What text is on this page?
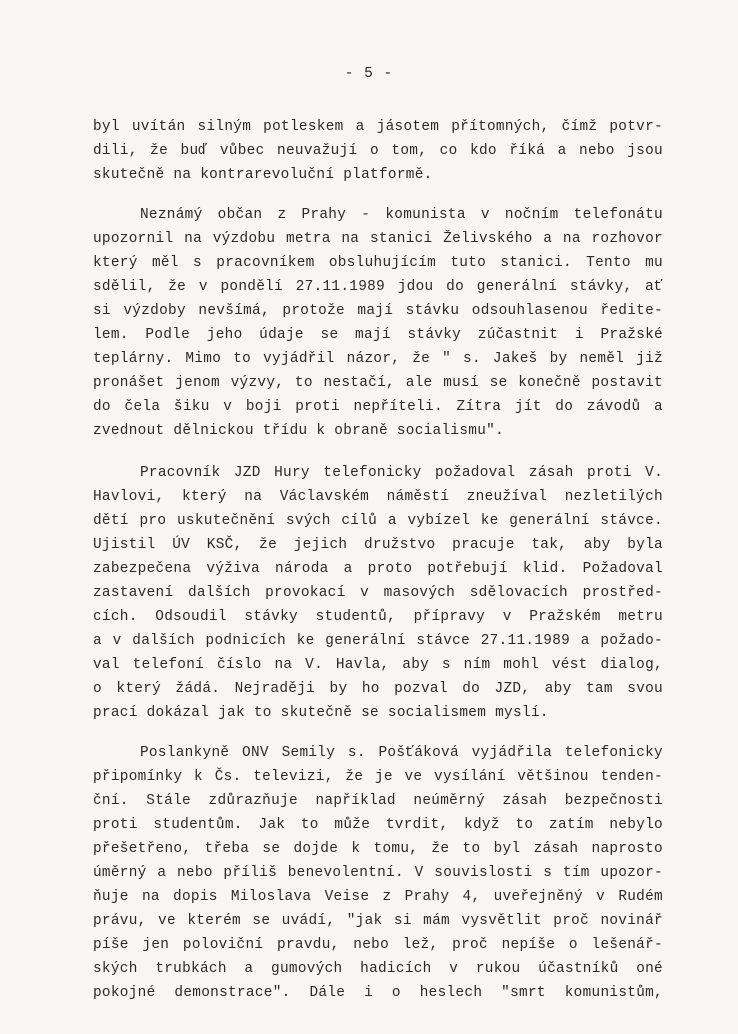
- 5 -
byl uvítán silným potleskem a jásotem přítomných, čímž potvr-
dili, že buď vůbec neuvažují o tom, co kdo říká a nebo jsou
skutečně na kontrarevoluční platformě.
Neznámý občan z Prahy - komunista v nočním telefonátu
upozornil na výzdobu metra na stanici Želivského a na rozhovor
který měl s pracovníkem obsluhujícím tuto stanici. Tento mu
sdělil, že v pondělí 27.11.1989 jdou do generální stávky, ať
si výzdoby nevšímá, protože mají stávku odsouhlasenou ředite-
lem. Podle jeho údaje se mají stávky zúčastnit i Pražské
teplárny. Mimo to vyjádřil názor, že " s. Jakeš by neměl již
pronášet jenom výzvy, to nestačí, ale musí se konečně postavit
do čela šiku v boji proti nepříteli. Zítra jít do závodů a
zvednout dělnickou třídu k obraně socialismu".
Pracovník JZD Hury telefonicky požadoval zásah proti V.
Havlovi, který na Václavském náměstí zneužíval nezletilých
dětí pro uskutečnění svých cílů a vybízel ke generální stávce.
Ujistil ÚV KSČ, že jejich družstvo pracuje tak, aby byla
zabezpečena výživa národa a proto potřebují klid. Požadoval
zastavení dalších provokací v masových sdělovacích prostřed-
cích. Odsoudil stávky studentů, přípravy v Pražském metru
a v dalších podnicích ke generální stávce 27.11.1989 a požado-
val telefoní číslo na V. Havla, aby s ním mohl vést dialog,
o který žádá. Nejraději by ho pozval do JZD, aby tam svou
prací dokázal jak to skutečně se socialismem myslí.
Poslankyně ONV Semily s. Pošťáková vyjádřila telefonicky
připomínky k Čs. televizi, že je ve vysílání většinou tenden-
ční. Stále zdůrazňuje například neúměrný zásah bezpečnosti
proti studentům. Jak to může tvrdit, když to zatím nebylo
přešetřeno, třeba se dojde k tomu, že to byl zásah naprosto
úměrný a nebo příliš benevolentní. V souvislosti s tím upozor-
ňuje na dopis Miloslava Veise z Prahy 4, uveřejněný v Rudém
právu, ve kterém se uvádí, "jak si mám vysvětlit proč novinář
píše jen poloviční pravdu, nebo lež, proč nepíše o lešenář-
ských trubkách a gumových hadicích v rukou účastníků oné
pokojné demonstrace". Dále i o heslech "smrt komunistům,
